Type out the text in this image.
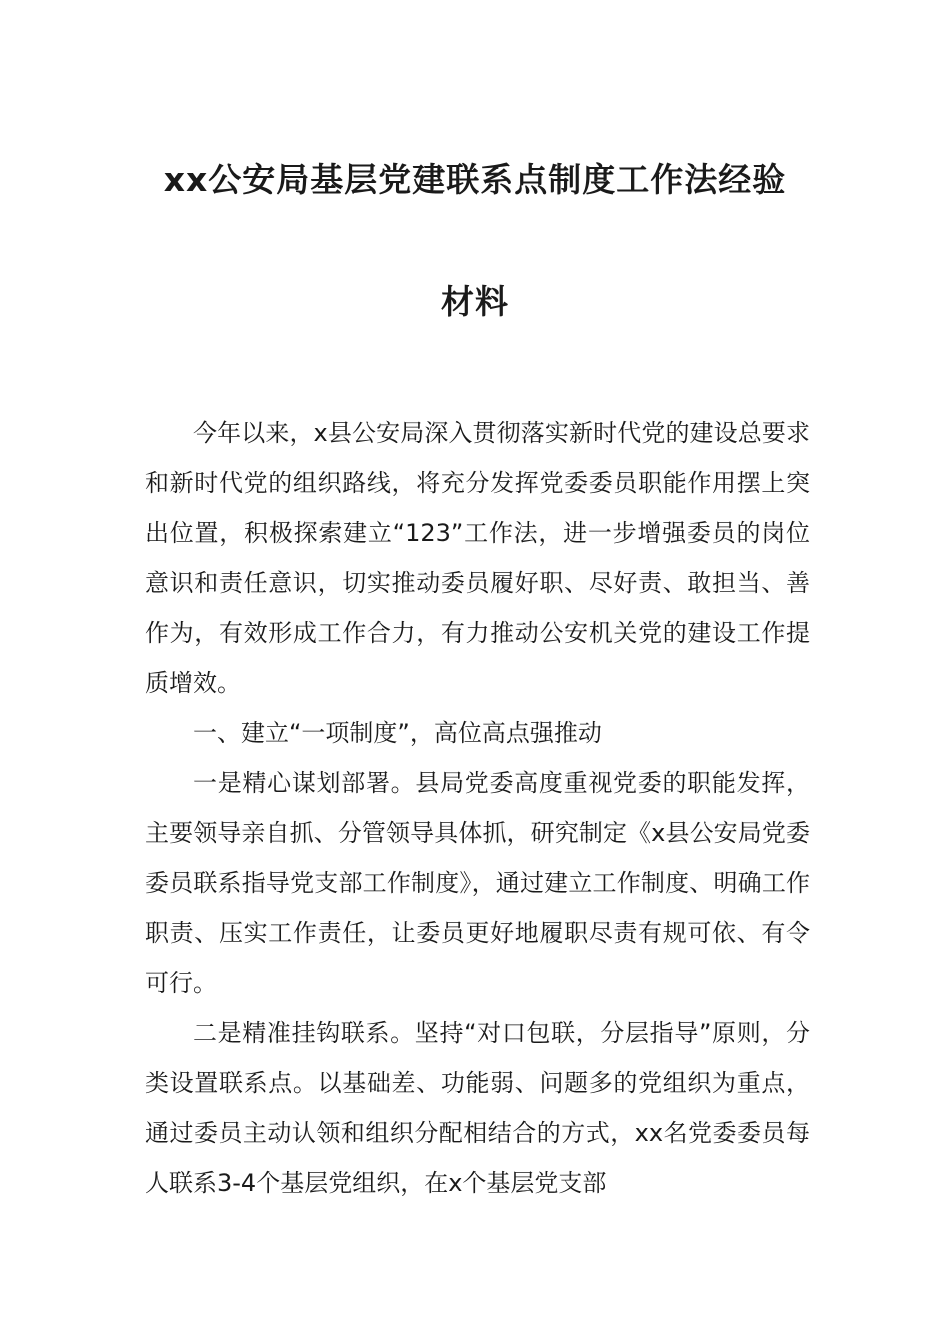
xx公安局基层党建联系点制度工作法经验
材料

今年以来，x县公安局深入贯彻落实新时代党的建设总要求和新时代党的组织路线，将充分发挥党委委员职能作用摆上突出位置，积极探索建立“123”工作法，进一步增强委员的岗位意识和责任意识，切实推动委员履好职、尽好责、敢担当、善作为，有效形成工作合力，有力推动公安机关党的建设工作提质增效。

一、建立“一项制度”，高位高点强推动

一是精心谋划部署。县局党委高度重视党委的职能发挥，主要领导亲自抓、分管领导具体抓，研究制定《x县公安局党委委员联系指导党支部工作制度》，通过建立工作制度、明确工作职责、压实工作责任，让委员更好地履职尽责有规可依、有令可行。

二是精准挂钩联系。坚持“对口包联，分层指导”原则，分类设置联系点。以基础差、功能弱、问题多的党组织为重点，通过委员主动认领和组织分配相结合的方式，xx名党委委员每人联系3-4个基层党组织，在x个基层党支部
